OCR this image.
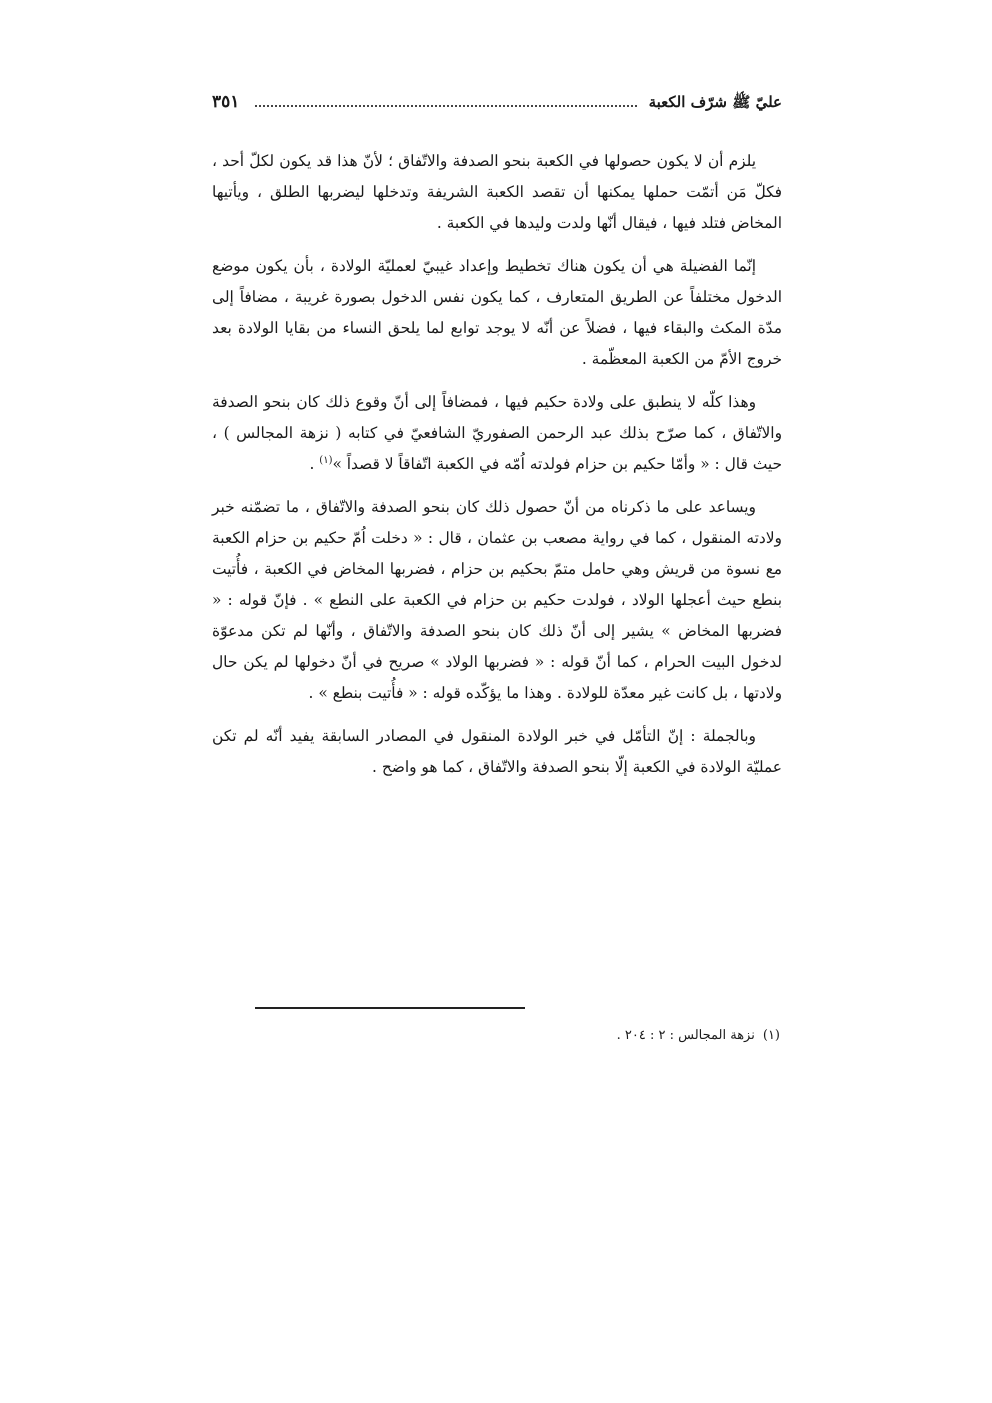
عليّ ﷺ شرّف الكعبة
٣٥١

يلزم أن لا يكون حصولها في الكعبة بنحو الصدفة والاتّفاق ؛ لأنّ هذا قد يكون لكلّ أحد ، فكلّ مَن أتمّت حملها يمكنها أن تقصد الكعبة الشريفة وتدخلها ليضربها الطلق ، ويأتيها المخاض فتلد فيها ، فيقال أنّها ولدت وليدها في الكعبة .

إنّما الفضيلة هي أن يكون هناك تخطيط وإعداد غيبيّ لعمليّة الولادة ، بأن يكون موضع الدخول مختلفاً عن الطريق المتعارف ، كما يكون نفس الدخول بصورة غريبة ، مضافاً إلى مدّة المكث والبقاء فيها ، فضلاً عن أنّه لا يوجد توابع لما يلحق النساء من بقايا الولادة بعد خروج الأمّ من الكعبة المعظّمة .

وهذا كلّه لا ينطبق على ولادة حكيم فيها ، فمضافاً إلى أنّ وقوع ذلك كان بنحو الصدفة والاتّفاق ، كما صرّح بذلك عبد الرحمن الصفوريّ الشافعيّ في كتابه ( نزهة المجالس ) ، حيث قال : « وأمّا حكيم بن حزام فولدته اُمّه في الكعبة اتّفاقاً لا قصداً »$^{(١)}$ .

ويساعد على ما ذكرناه من أنّ حصول ذلك كان بنحو الصدفة والاتّفاق ، ما تضمّنه خبر ولادته المنقول ، كما في رواية مصعب بن عثمان ، قال : « دخلت اُمّ حكيم بن حزام الكعبة مع نسوة من قريش وهي حامل متمّ بحكيم بن حزام ، فضربها المخاض في الكعبة ، فأُتيت بنطع حيث أعجلها الولاد ، فولدت حكيم بن حزام في الكعبة على النطع » . فإنّ قوله : « فضربها المخاض » يشير إلى أنّ ذلك كان بنحو الصدفة والاتّفاق ، وأنّها لم تكن مدعوّة لدخول البيت الحرام ، كما أنّ قوله : « فضربها الولاد » صريح في أنّ دخولها لم يكن حال ولادتها ، بل كانت غير معدّة للولادة . وهذا ما يؤكّده قوله : « فأُتيت بنطع » .

وبالجملة : إنّ التأمّل في خبر الولادة المنقول في المصادر السابقة يفيد أنّه لم تكن عمليّة الولادة في الكعبة إلّا بنحو الصدفة والاتّفاق ، كما هو واضح .

(١)نزهة المجالس : ٢ : ٢٠٤ .
